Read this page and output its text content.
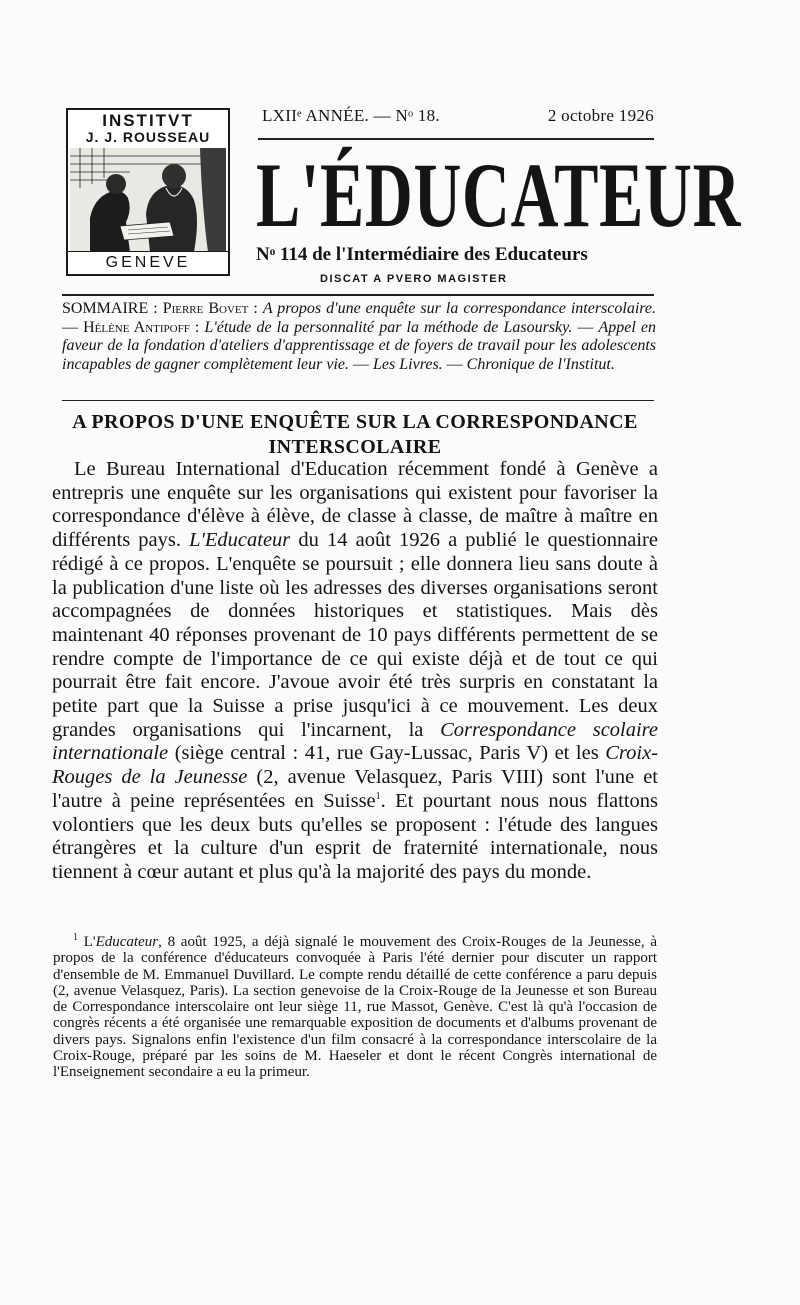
INSTITVT
J. J. ROUSSEAU
GENEVE
LXIIᵉ ANNÉE. — Nᵒ 18.	2 octobre 1926
L'ÉDUCATEUR
Nᵒ 114 de l'Intermédiaire des Educateurs
DISCAT A PVERO MAGISTER
SOMMAIRE : Pierre Bovet : A propos d'une enquête sur la correspondance interscolaire. — Hélène Antipoff : L'étude de la personnalité par la méthode de Lasoursky. — Appel en faveur de la fondation d'ateliers d'apprentissage et de foyers de travail pour les adolescents incapables de gagner complètement leur vie. — Les Livres. — Chronique de l'Institut.
A PROPOS D'UNE ENQUÊTE SUR LA CORRESPONDANCE
INTERSCOLAIRE

Le Bureau International d'Education récemment fondé à Genève a entrepris une enquête sur les organisations qui existent pour favoriser la correspondance d'élève à élève, de classe à classe, de maître à maître en différents pays. L'Educateur du 14 août 1926 a publié le questionnaire rédigé à ce propos. L'enquête se poursuit ; elle donnera lieu sans doute à la publication d'une liste où les adresses des diverses organisations seront accompagnées de données historiques et statistiques. Mais dès maintenant 40 réponses provenant de 10 pays différents permettent de se rendre compte de l'importance de ce qui existe déjà et de tout ce qui pourrait être fait encore. J'avoue avoir été très surpris en constatant la petite part que la Suisse a prise jusqu'ici à ce mouvement. Les deux grandes organisations qui l'incarnent, la Correspondance scolaire internationale (siège central : 41, rue Gay-Lussac, Paris V) et les Croix-Rouges de la Jeunesse (2, avenue Velasquez, Paris VIII) sont l'une et l'autre à peine représentées en Suisse$^1$. Et pourtant nous nous flattons volontiers que les deux buts qu'elles se proposent : l'étude des langues étrangères et la culture d'un esprit de fraternité internationale, nous tiennent à cœur autant et plus qu'à la majorité des pays du monde.

$^1$ L'Educateur, 8 août 1925, a déjà signalé le mouvement des Croix-Rouges de la Jeunesse, à propos de la conférence d'éducateurs convoquée à Paris l'été dernier pour discuter un rapport d'ensemble de M. Emmanuel Duvillard. Le compte rendu détaillé de cette conférence a paru depuis (2, avenue Velasquez, Paris). La section genevoise de la Croix-Rouge de la Jeunesse et son Bureau de Correspondance interscolaire ont leur siège 11, rue Massot, Genève. C'est là qu'à l'occasion de congrès récents a été organisée une remarquable exposition de documents et d'albums provenant de divers pays. Signalons enfin l'existence d'un film consacré à la correspondance interscolaire de la Croix-Rouge, préparé par les soins de M. Haeseler et dont le récent Congrès international de l'Enseignement secondaire a eu la primeur.
